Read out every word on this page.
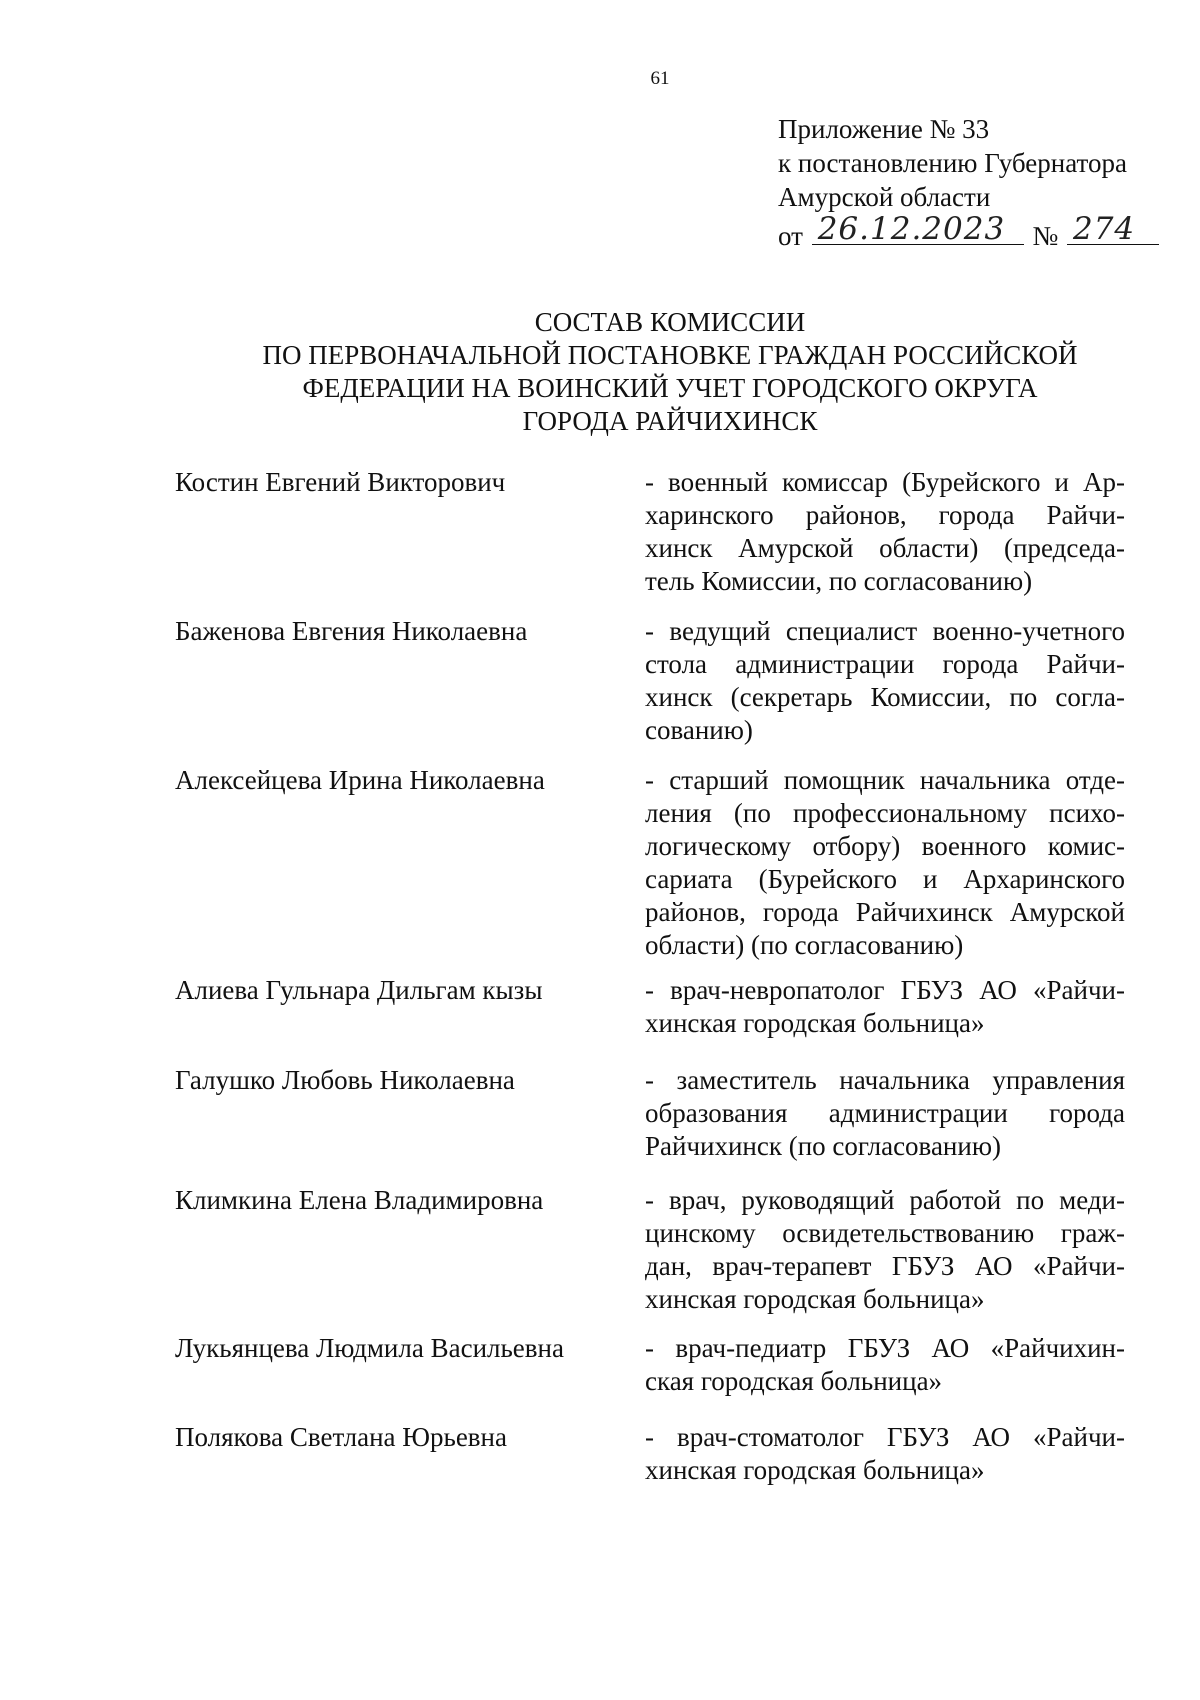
61
Приложение № 33
к постановлению Губернатора
Амурской области
от 26.12.2023 № 274
СОСТАВ КОМИССИИ
ПО ПЕРВОНАЧАЛЬНОЙ ПОСТАНОВКЕ ГРАЖДАН РОССИЙСКОЙ
ФЕДЕРАЦИИ НА ВОИНСКИЙ УЧЕТ ГОРОДСКОГО ОКРУГА
ГОРОДА РАЙЧИХИНСК
Костин Евгений Викторович	- военный комиссар (Бурейского и Ар-
харинского районов, города Райчи-
хинск Амурской области) (председа-
тель Комиссии, по согласованию)
Баженова Евгения Николаевна	- ведущий специалист военно-учетного
стола администрации города Райчи-
хинск (секретарь Комиссии, по согла-
сованию)
Алексейцева Ирина Николаевна	- старший помощник начальника отде-
ления (по профессиональному психо-
логическому отбору) военного комис-
сариата (Бурейского и Архаринского
районов, города Райчихинск Амурской
области) (по согласованию)
Алиева Гульнара Дильгам кызы	- врач-невропатолог ГБУЗ АО «Райчи-
хинская городская больница»
Галушко Любовь Николаевна	- заместитель начальника управления
образования администрации города
Райчихинск (по согласованию)
Климкина Елена Владимировна	- врач, руководящий работой по меди-
цинскому освидетельствованию граж-
дан, врач-терапевт ГБУЗ АО «Райчи-
хинская городская больница»
Лукьянцева Людмила Васильевна	- врач-педиатр ГБУЗ АО «Райчихин-
ская городская больница»
Полякова Светлана Юрьевна	- врач-стоматолог ГБУЗ АО «Райчи-
хинская городская больница»
